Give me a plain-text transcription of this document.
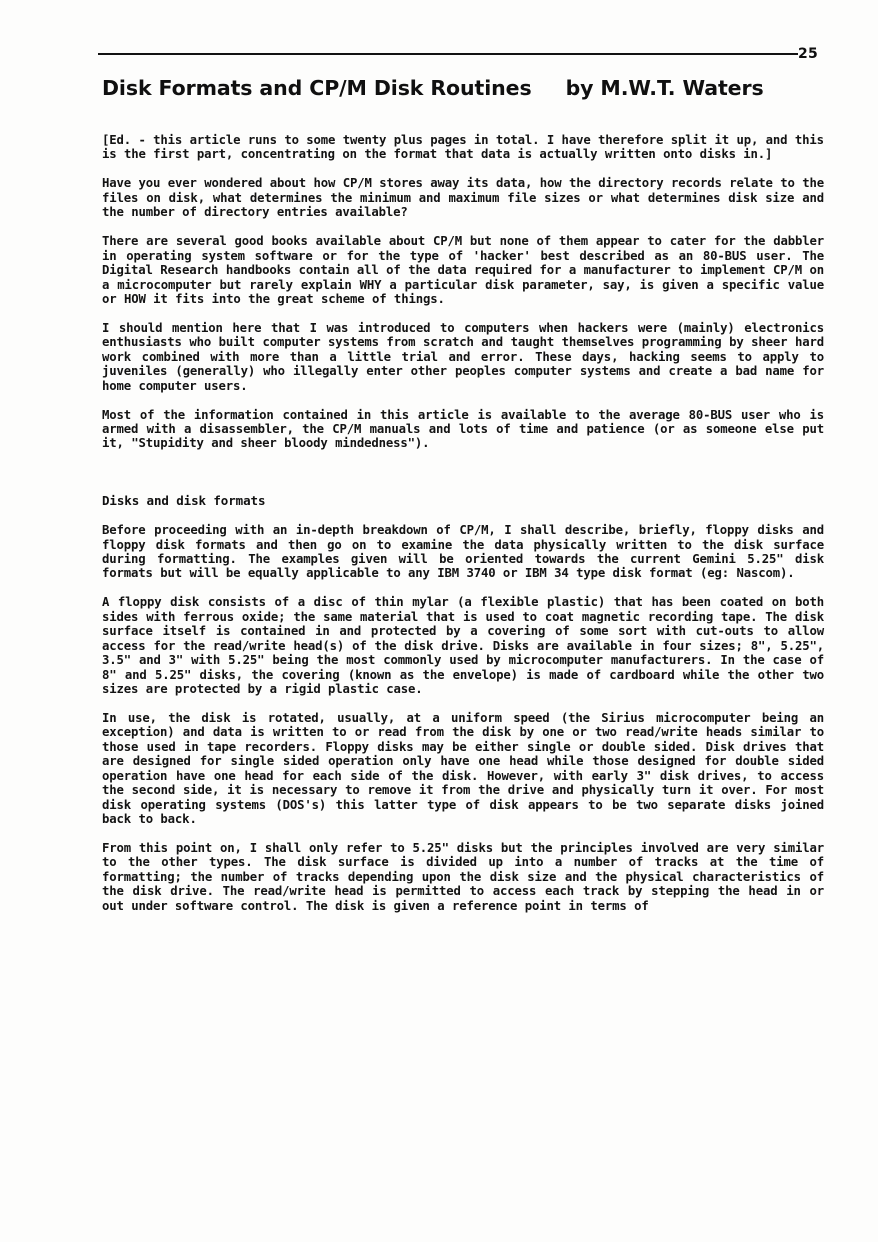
25
Disk Formats and CP/M Disk Routines by M.W.T. Waters

[Ed. - this article runs to some twenty plus pages in total. I have therefore split it up, and this is the first part, concentrating on the format that data is actually written onto disks in.]

Have you ever wondered about how CP/M stores away its data, how the directory records relate to the files on disk, what determines the minimum and maximum file sizes or what determines disk size and the number of directory entries available?

There are several good books available about CP/M but none of them appear to cater for the dabbler in operating system software or for the type of 'hacker' best described as an 80-BUS user. The Digital Research handbooks contain all of the data required for a manufacturer to implement CP/M on a microcomputer but rarely explain WHY a particular disk parameter, say, is given a specific value or HOW it fits into the great scheme of things.

I should mention here that I was introduced to computers when hackers were (mainly) electronics enthusiasts who built computer systems from scratch and taught themselves programming by sheer hard work combined with more than a little trial and error. These days, hacking seems to apply to juveniles (generally) who illegally enter other peoples computer systems and create a bad name for home computer users.

Most of the information contained in this article is available to the average 80-BUS user who is armed with a disassembler, the CP/M manuals and lots of time and patience (or as someone else put it, "Stupidity and sheer bloody mindedness").

Disks and disk formats

Before proceeding with an in-depth breakdown of CP/M, I shall describe, briefly, floppy disks and floppy disk formats and then go on to examine the data physically written to the disk surface during formatting. The examples given will be oriented towards the current Gemini 5.25" disk formats but will be equally applicable to any IBM 3740 or IBM 34 type disk format (eg: Nascom).

A floppy disk consists of a disc of thin mylar (a flexible plastic) that has been coated on both sides with ferrous oxide; the same material that is used to coat magnetic recording tape. The disk surface itself is contained in and protected by a covering of some sort with cut-outs to allow access for the read/write head(s) of the disk drive. Disks are available in four sizes; 8", 5.25", 3.5" and 3" with 5.25" being the most commonly used by microcomputer manufacturers. In the case of 8" and 5.25" disks, the covering (known as the envelope) is made of cardboard while the other two sizes are protected by a rigid plastic case.

In use, the disk is rotated, usually, at a uniform speed (the Sirius microcomputer being an exception) and data is written to or read from the disk by one or two read/write heads similar to those used in tape recorders. Floppy disks may be either single or double sided. Disk drives that are designed for single sided operation only have one head while those designed for double sided operation have one head for each side of the disk. However, with early 3" disk drives, to access the second side, it is necessary to remove it from the drive and physically turn it over. For most disk operating systems (DOS's) this latter type of disk appears to be two separate disks joined back to back.

From this point on, I shall only refer to 5.25" disks but the principles involved are very similar to the other types. The disk surface is divided up into a number of tracks at the time of formatting; the number of tracks depending upon the disk size and the physical characteristics of the disk drive. The read/write head is permitted to access each track by stepping the head in or out under software control. The disk is given a reference point in terms of
